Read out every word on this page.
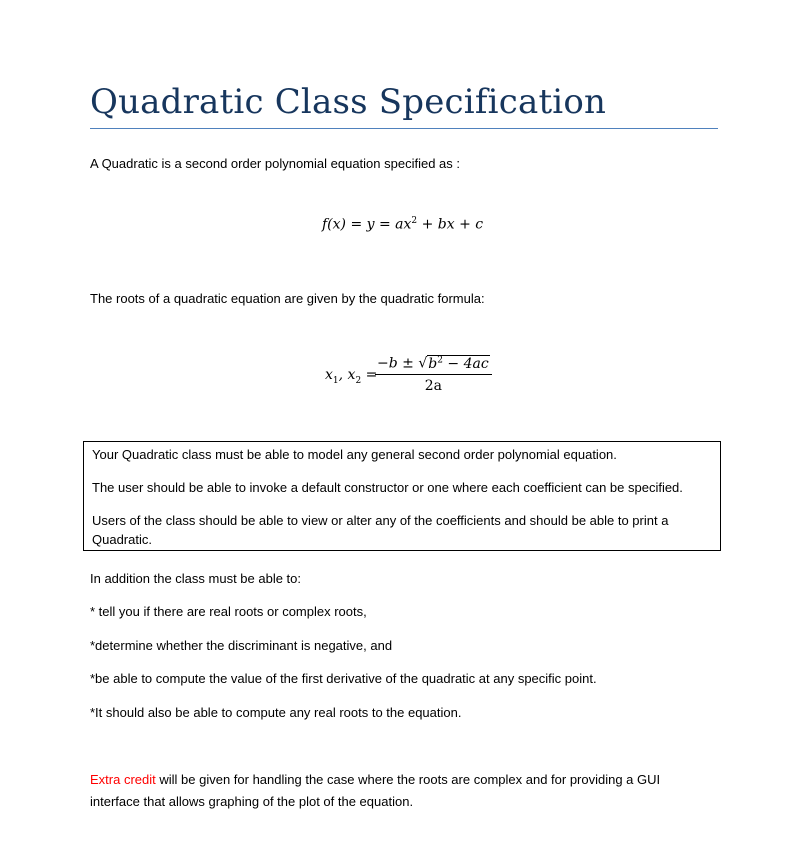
Quadratic Class Specification

A Quadratic is a second order polynomial equation specified as :

$f(x) = y = ax^2$ + bx + c

The roots of a quadratic equation are given by the quadratic formula:

$x_1$, $x_2$ =
$\frac{-b \pm √b^2 - 4ac}{2a}$

Your Quadratic class must be able to model any general second order polynomial equation.

The user should be able to invoke a default constructor or one where each coefficient can be specified.

Users of the class should be able to view or alter any of the coefficients and should be able to print a

Quadratic.

In addition the class must be able to:

* tell you if there are real roots or complex roots,

*determine whether the discriminant is negative, and

*be able to compute the value of the first derivative of the quadratic at any specific point.

*It should also be able to compute any real roots to the equation.

Extra credit will be given for handling the case where the roots are complex and for providing a GUI

interface that allows graphing of the plot of the equation.
